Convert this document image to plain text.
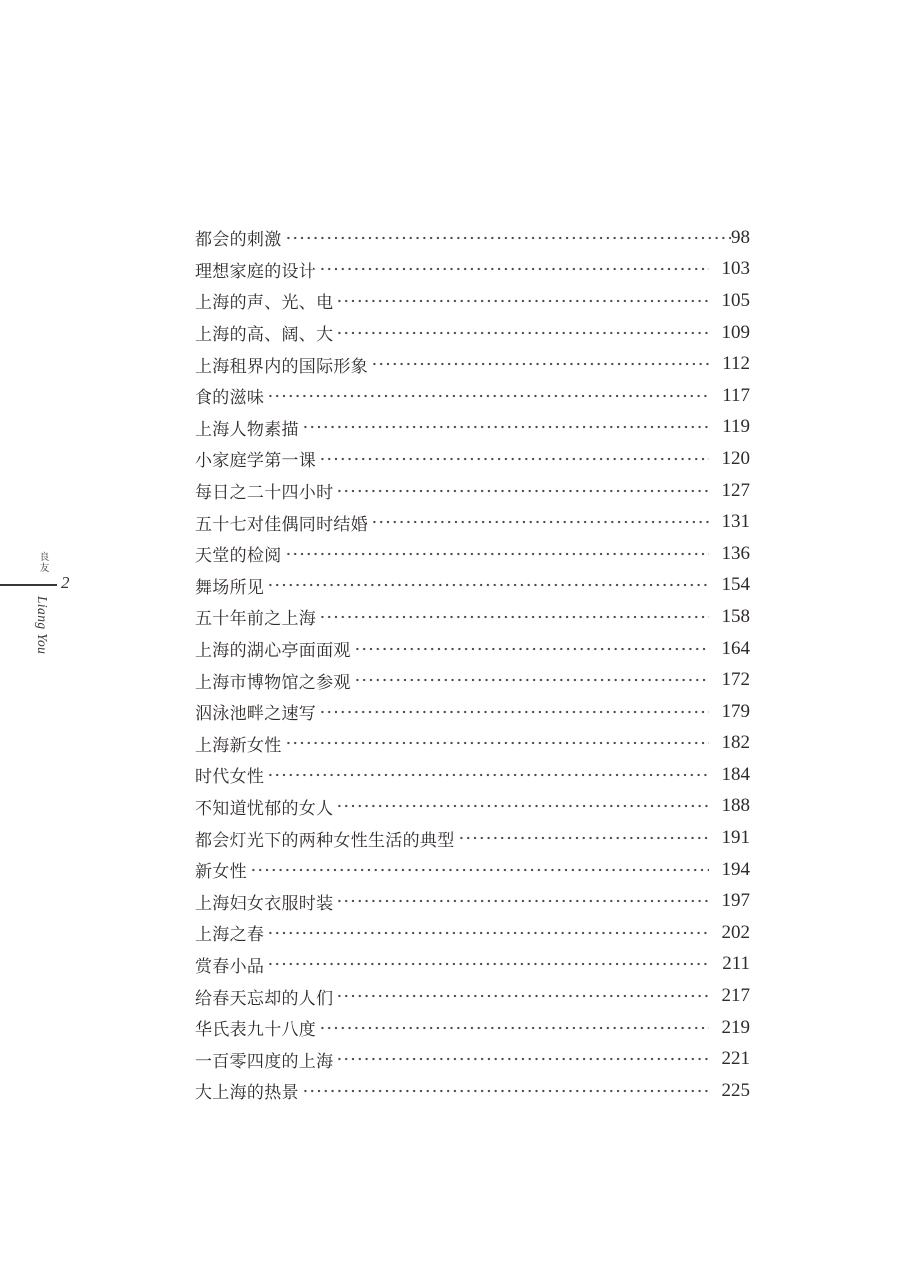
良友
2
Liang You
都会的刺激	98
理想家庭的设计	103
上海的声、光、电	105
上海的高、阔、大	109
上海租界内的国际形象	112
食的滋味	117
上海人物素描	119
小家庭学第一课	120
每日之二十四小时	127
五十七对佳偶同时结婚	131
天堂的检阅	136
舞场所见	154
五十年前之上海	158
上海的湖心亭面面观	164
上海市博物馆之参观	172
泅泳池畔之速写	179
上海新女性	182
时代女性	184
不知道忧郁的女人	188
都会灯光下的两种女性生活的典型	191
新女性	194
上海妇女衣服时装	197
上海之春	202
赏春小品	211
给春天忘却的人们	217
华氏表九十八度	219
一百零四度的上海	221
大上海的热景	225
